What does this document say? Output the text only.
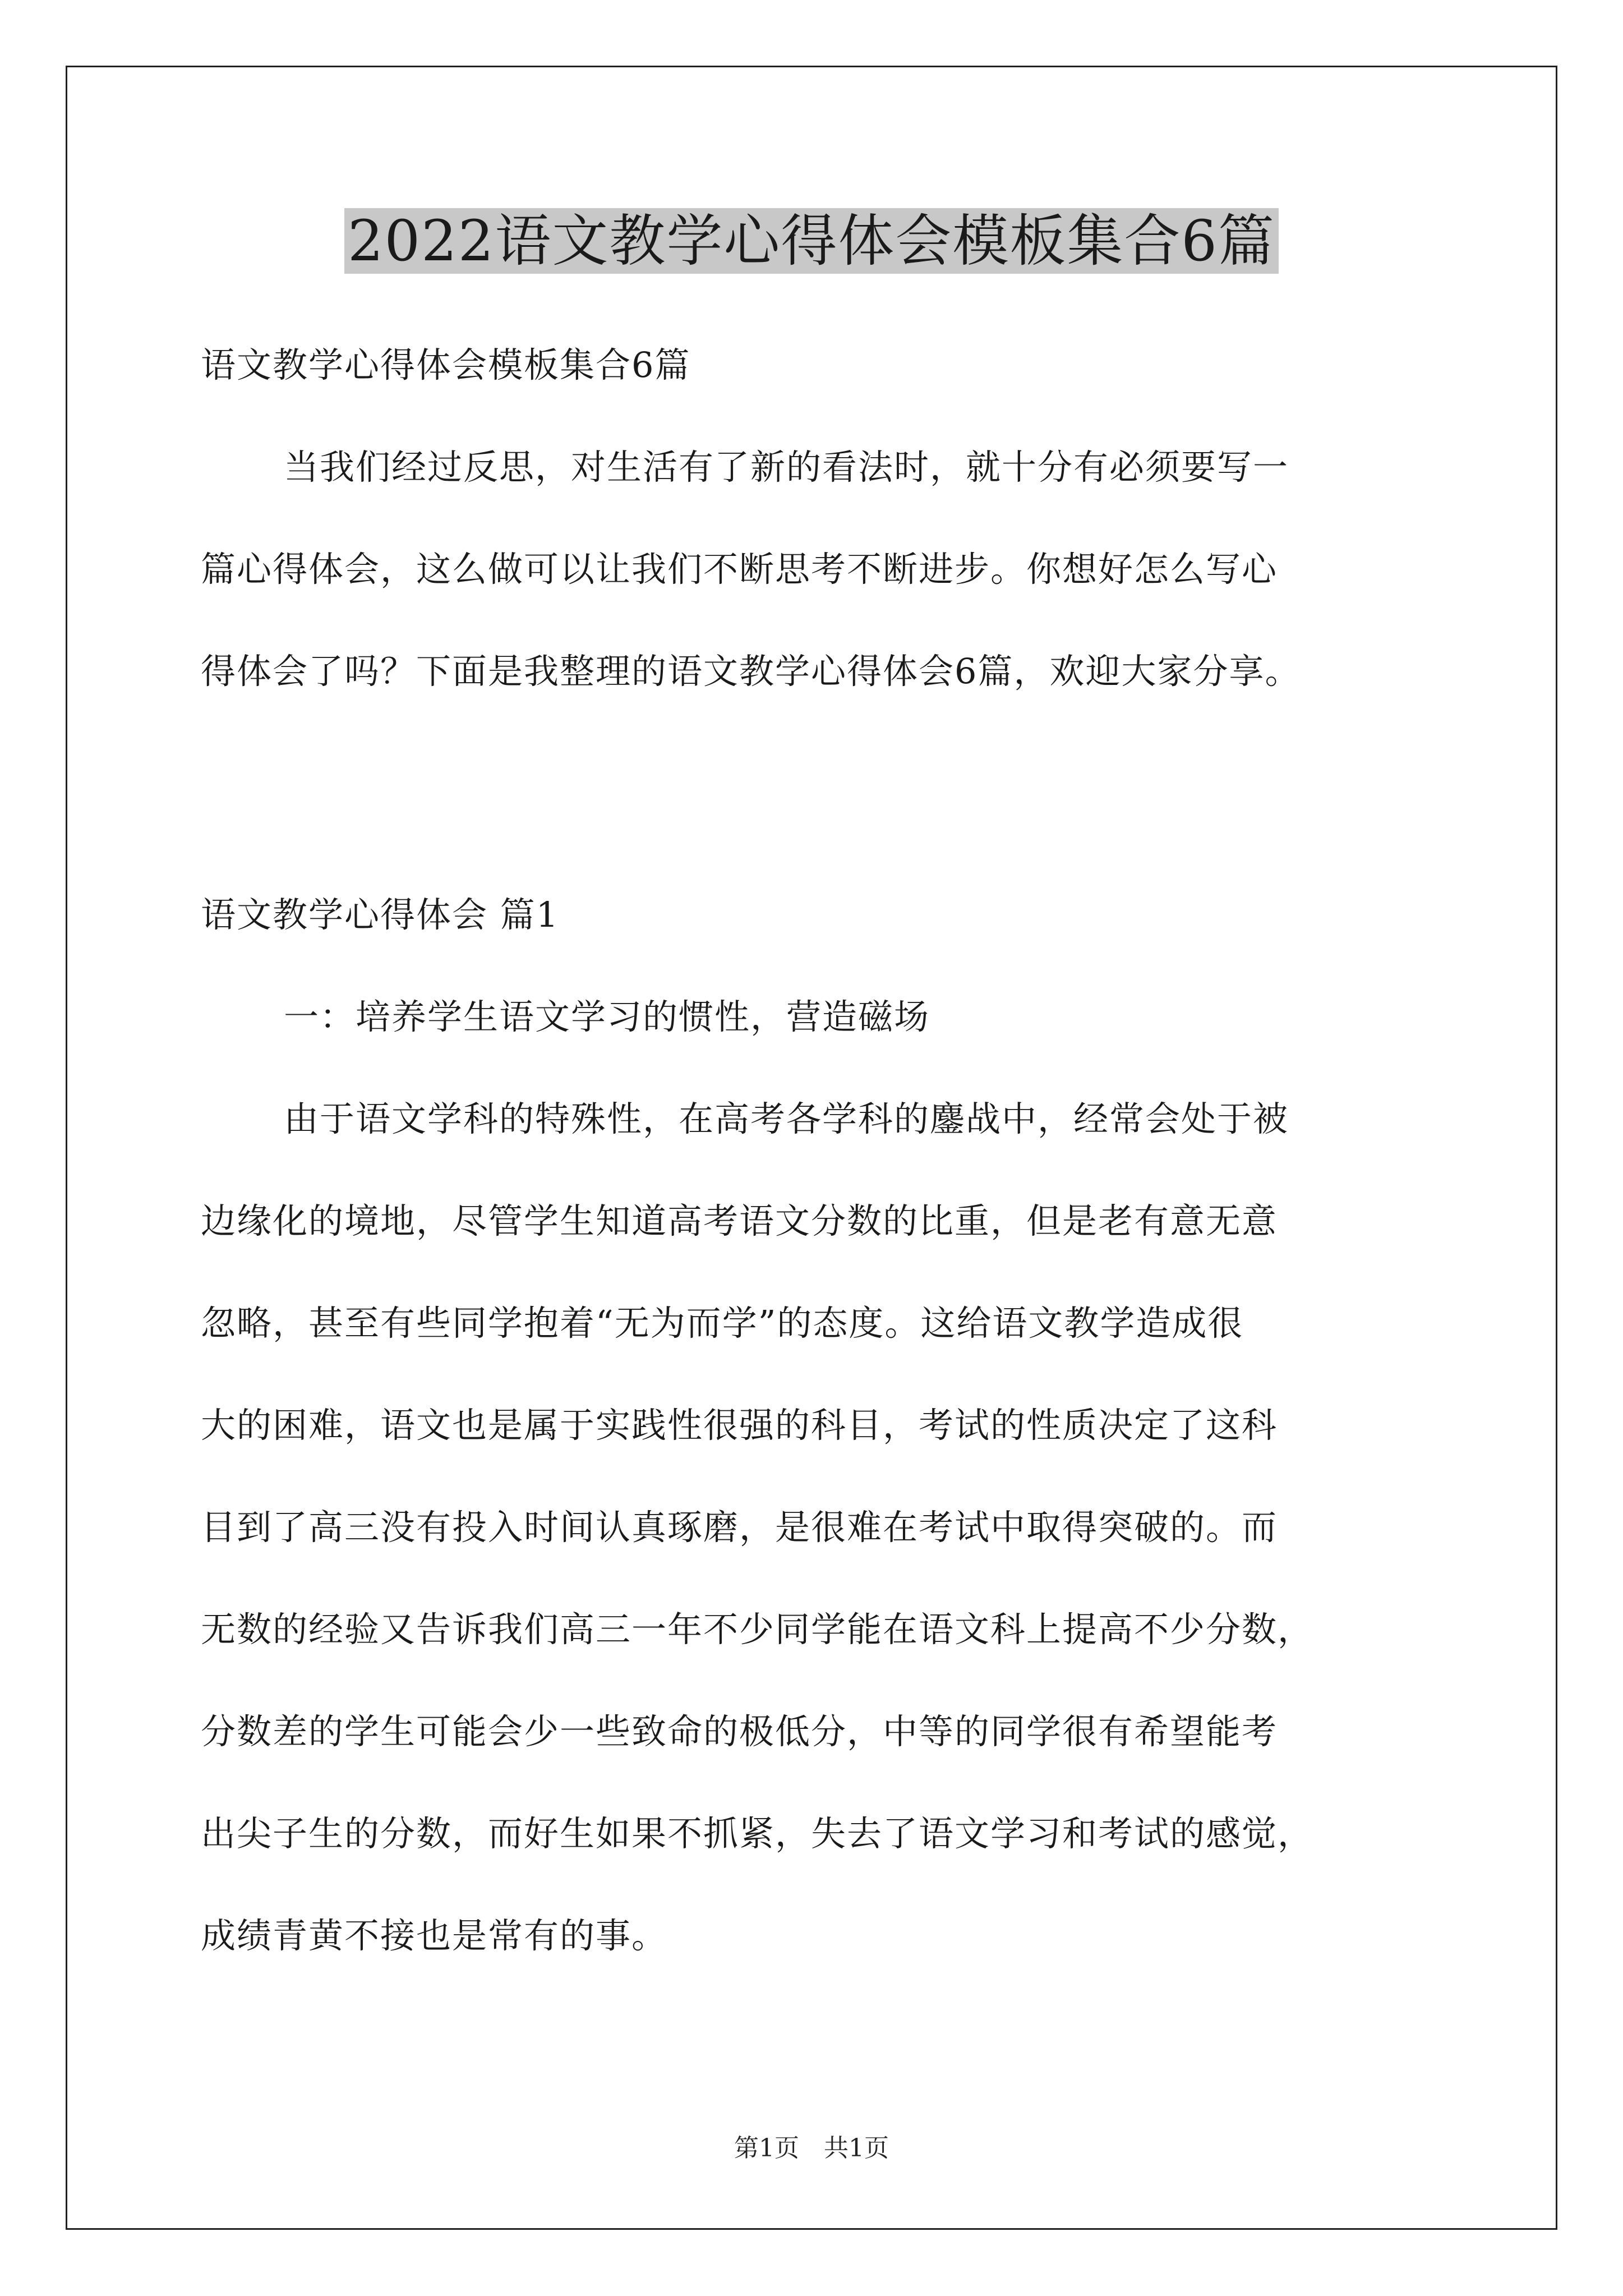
2022语文教学心得体会模板集合6篇
语文教学心得体会模板集合6篇
当我们经过反思，对生活有了新的看法时，就十分有必须要写一
篇心得体会，这么做可以让我们不断思考不断进步。你想好怎么写心
得体会了吗？下面是我整理的语文教学心得体会6篇，欢迎大家分享。
语文教学心得体会 篇1
一：培养学生语文学习的惯性，营造磁场
由于语文学科的特殊性，在高考各学科的鏖战中，经常会处于被
边缘化的境地，尽管学生知道高考语文分数的比重，但是老有意无意
忽略，甚至有些同学抱着“无为而学”的态度。这给语文教学造成很
大的困难，语文也是属于实践性很强的科目，考试的性质决定了这科
目到了高三没有投入时间认真琢磨，是很难在考试中取得突破的。而
无数的经验又告诉我们高三一年不少同学能在语文科上提高不少分数，
分数差的学生可能会少一些致命的极低分，中等的同学很有希望能考
出尖子生的分数，而好生如果不抓紧，失去了语文学习和考试的感觉，
成绩青黄不接也是常有的事。
第1页　共1页
